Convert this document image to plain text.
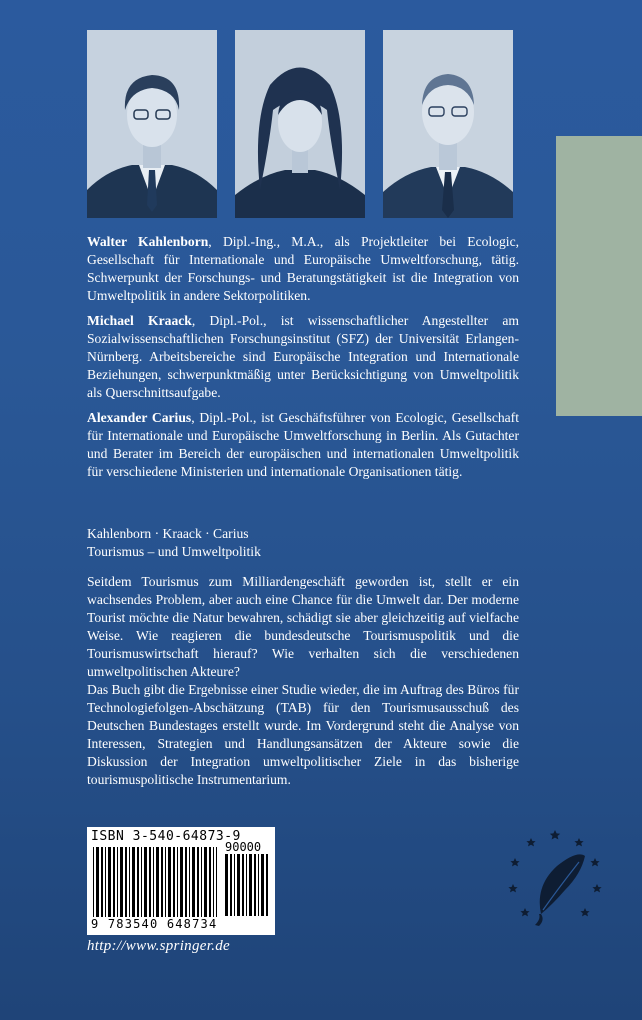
Walter Kahlenborn, Dipl.-Ing., M.A., als Projektleiter bei Ecologic, Gesellschaft für Internationale und Europäische Umweltforschung, tätig. Schwerpunkt der Forschungs- und Beratungstätigkeit ist die Integration von Umweltpolitik in andere Sektorpolitiken.

Michael Kraack, Dipl.-Pol., ist wissenschaftlicher Angestellter am Sozialwissenschaftlichen Forschungsinstitut (SFZ) der Universität Erlangen-Nürnberg. Arbeitsbereiche sind Europäische Integration und Internationale Beziehungen, schwerpunktmäßig unter Berücksichtigung von Umweltpolitik als Querschnittsaufgabe.

Alexander Carius, Dipl.-Pol., ist Geschäftsführer von Ecologic, Gesellschaft für Internationale und Europäische Umweltforschung in Berlin. Als Gutachter und Berater im Bereich der europäischen und internationalen Umweltpolitik für verschiedene Ministerien und internationale Organisationen tätig.

Kahlenborn · Kraack · Carius
Tourismus – und Umweltpolitik

Seitdem Tourismus zum Milliardengeschäft geworden ist, stellt er ein wachsendes Problem, aber auch eine Chance für die Umwelt dar. Der moderne Tourist möchte die Natur bewahren, schädigt sie aber gleichzeitig auf vielfache Weise. Wie reagieren die bundesdeutsche Tourismuspolitik und die Tourismuswirtschaft hierauf? Wie verhalten sich die verschiedenen umweltpolitischen Akteure?

Das Buch gibt die Ergebnisse einer Studie wieder, die im Auftrag des Büros für Technologiefolgen-Abschätzung (TAB) für den Tourismusausschuß des Deutschen Bundestages erstellt wurde. Im Vordergrund steht die Analyse von Interessen, Strategien und Handlungsansätzen der Akteure sowie die Diskussion der Integration umweltpolitischer Ziele in das bisherige tourismuspolitische Instrumentarium.

ISBN 3-540-64873-9
90000
9 783540 648734
http://www.springer.de
